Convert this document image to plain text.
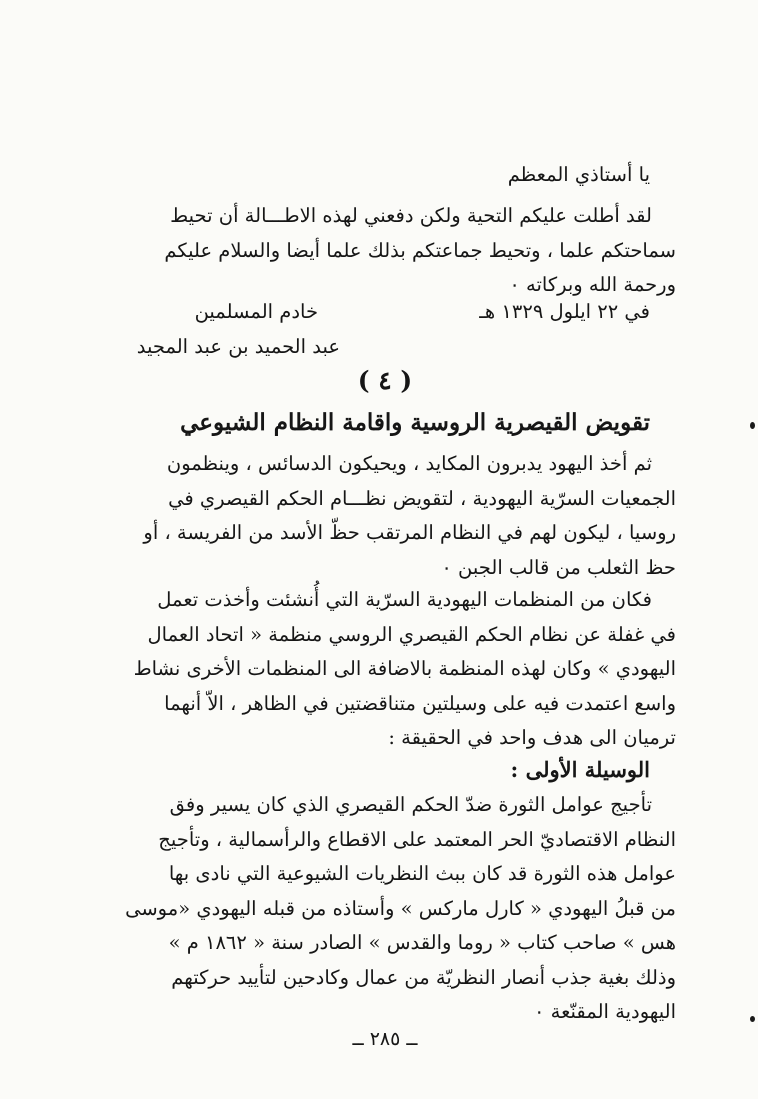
يا أستاذي المعظم
لقد أطلت عليكم التحية ولكن دفعني لهذه الاطـــالة أن تحيط
سماحتكم علما ، وتحيط جماعتكم بذلك علما أيضا والسلام عليكم
ورحمة الله وبركاته ٠
في ٢٢ ايلول ١٣٢٩ هـ
خادم المسلمين
عبد الحميد بن عبد المجيد
( ٤ )
تقويض القيصرية الروسية واقامة النظام الشيوعي
ثم أخذ اليهود يدبرون المكايد ، ويحيكون الدسائس ، وينظمون
الجمعيات السرّية اليهودية ، لتقويض نظـــام الحكم القيصري في
روسيا ، ليكون لهم في النظام المرتقب حظّ الأسد من الفريسة ، أو
حظ الثعلب من قالب الجبن ٠
فكان من المنظمات اليهودية السرّية التي أُنشئت وأخذت تعمل
في غفلة عن نظام الحكم القيصري الروسي منظمة « اتحاد العمال
اليهودي » وكان لهذه المنظمة بالاضافة الى المنظمات الأخرى نشاط
واسع اعتمدت فيه على وسيلتين متناقضتين في الظاهر ، الاّ أنهما
ترميان الى هدف واحد في الحقيقة :
الوسيلة الأولى :
تأجيج عوامل الثورة ضدّ الحكم القيصري الذي كان يسير وفق
النظام الاقتصاديّ الحر المعتمد على الاقطاع والرأسمالية ، وتأجيج
عوامل هذه الثورة قد كان ببث النظريات الشيوعية التي نادى بها
من قبلُ اليهودي « كارل ماركس » وأستاذه من قبله اليهودي «موسى
هس » صاحب كتاب « روما والقدس » الصادر سنة « ١٨٦٢ م »
وذلك بغية جذب أنصار النظريّة من عمال وكادحين لتأييد حركتهم
اليهودية المقنّعة ٠
ــ ٢٨٥ ــ
